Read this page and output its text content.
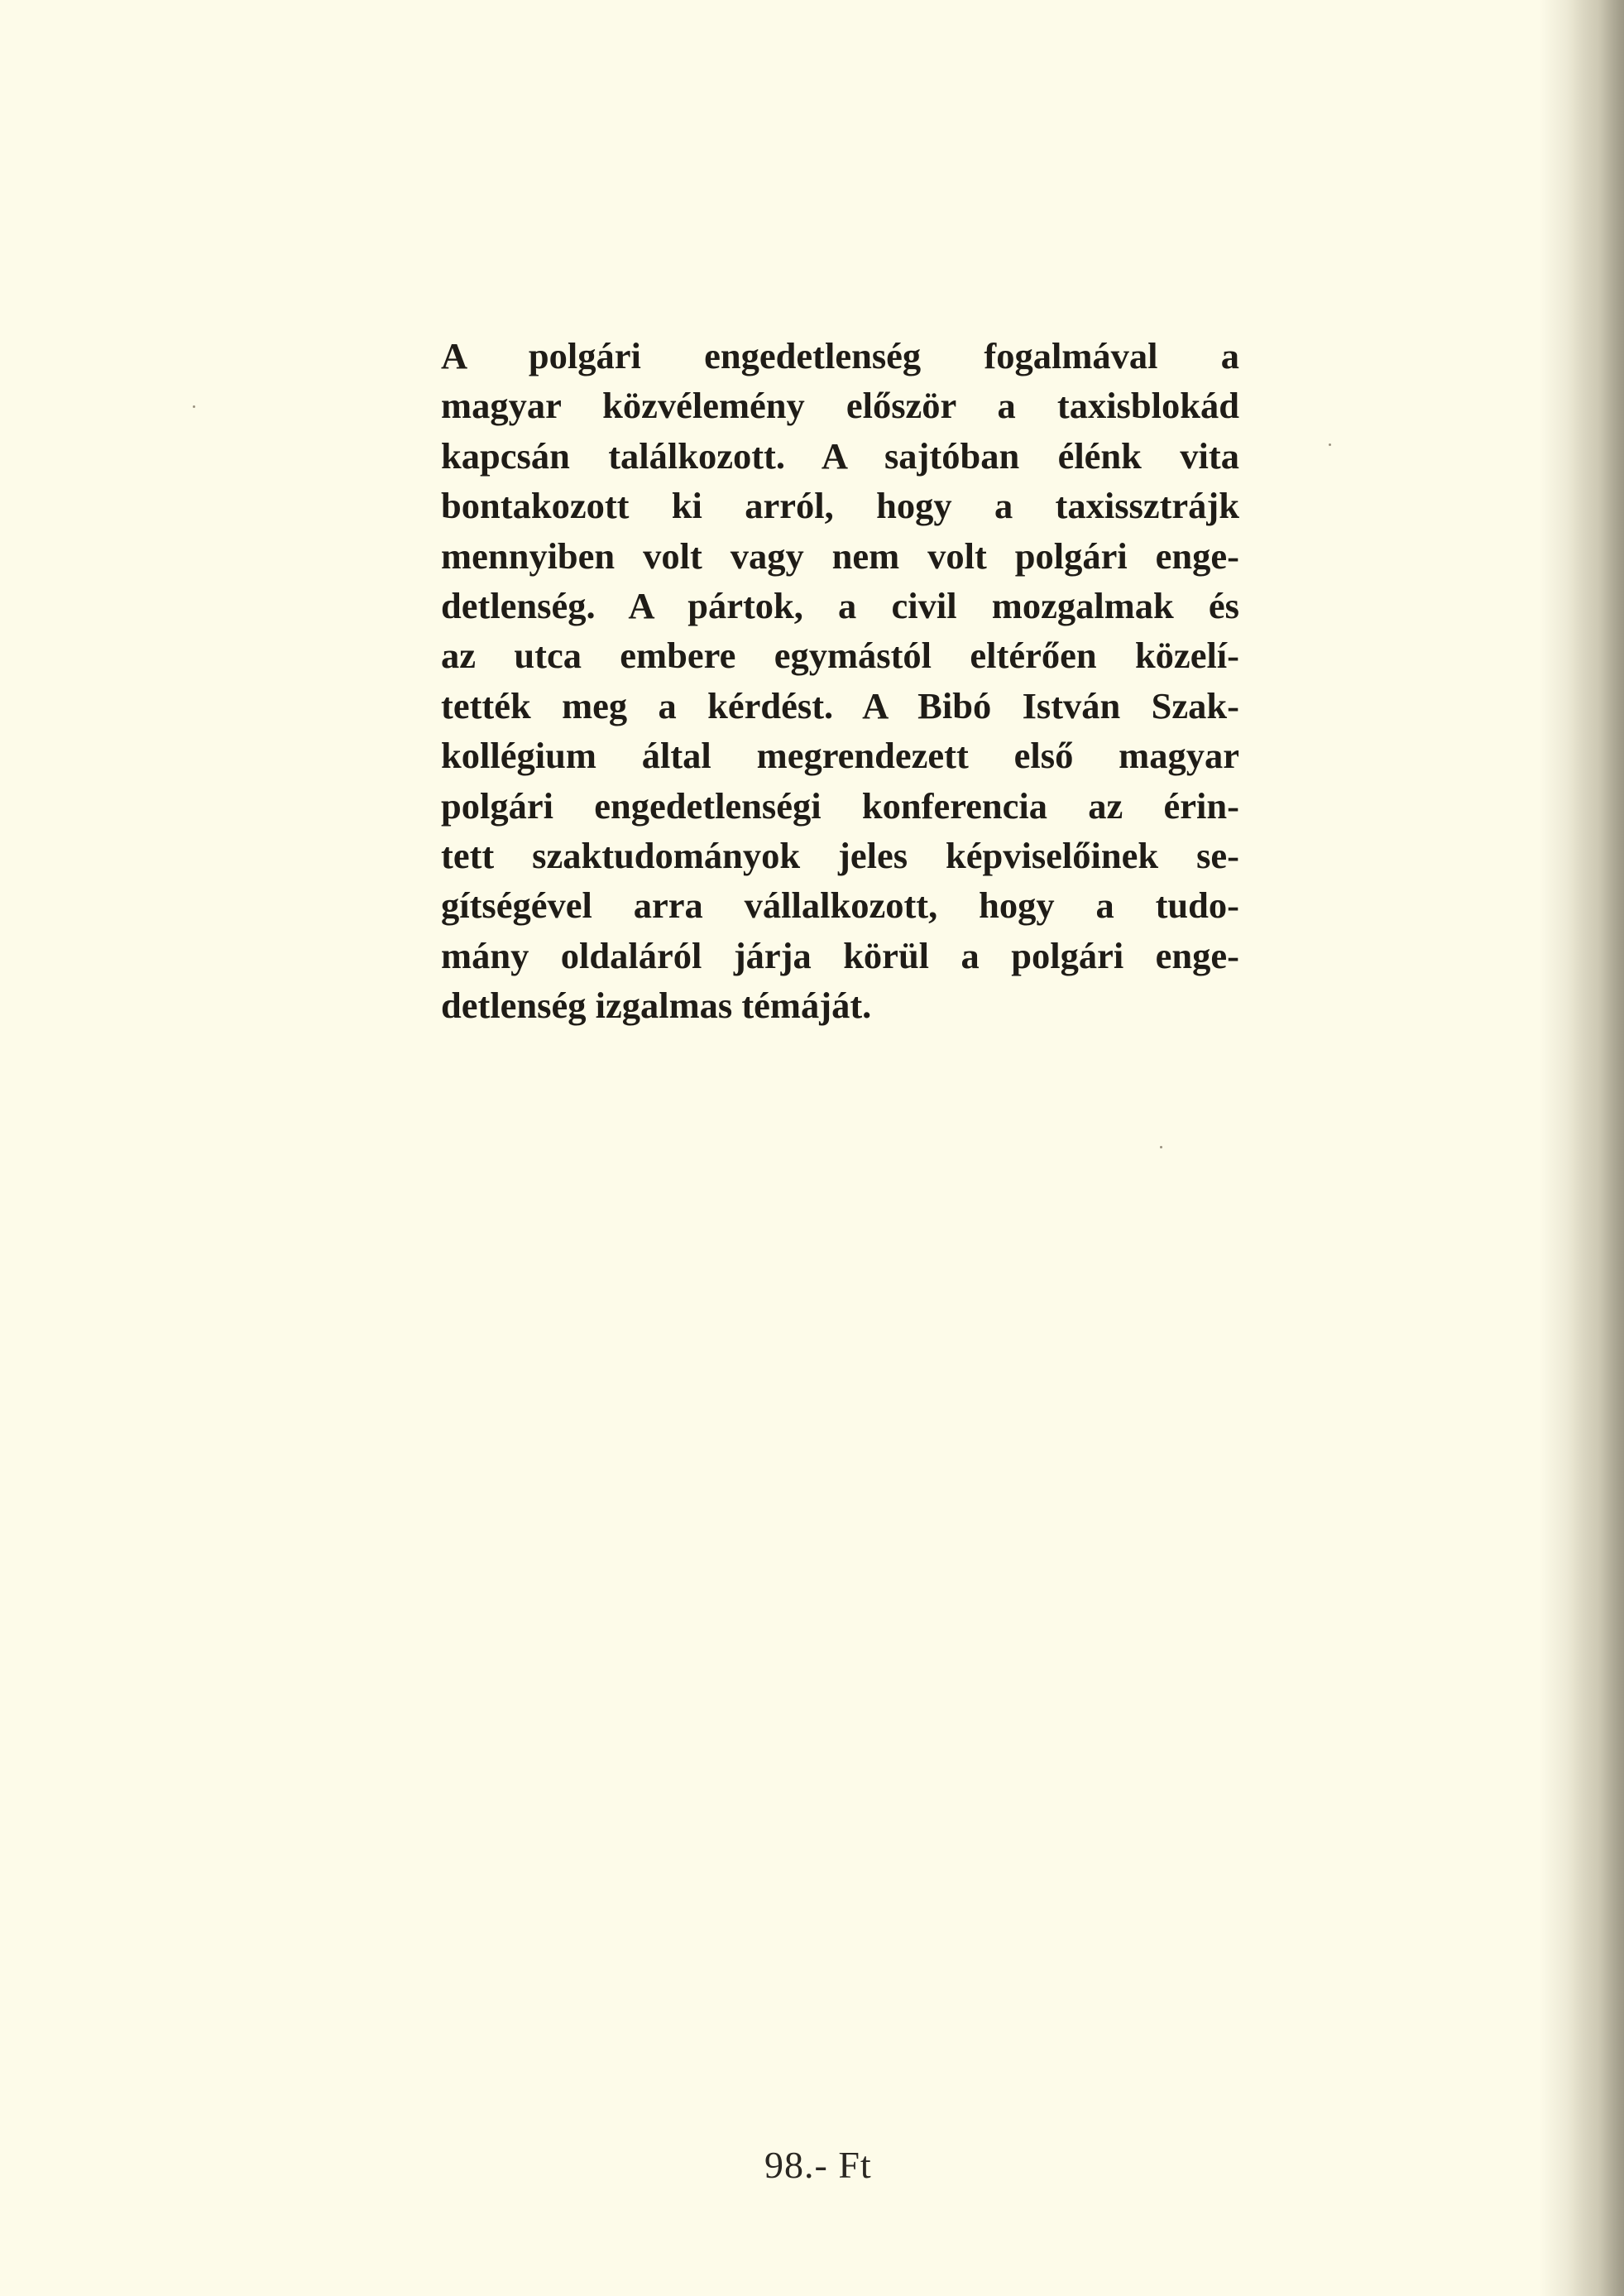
A polgári engedetlenség fogalmával a
magyar közvélemény először a taxisblokád
kapcsán találkozott. A sajtóban élénk vita
bontakozott ki arról, hogy a taxissztrájk
mennyiben volt vagy nem volt polgári enge-
detlenség. A pártok, a civil mozgalmak és
az utca embere egymástól eltérően közelí-
tették meg a kérdést. A Bibó István Szak-
kollégium által megrendezett első magyar
polgári engedetlenségi konferencia az érin-
tett szaktudományok jeles képviselőinek se-
gítségével arra vállalkozott, hogy a tudo-
mány oldaláról járja körül a polgári enge-
detlenség izgalmas témáját.
98.- Ft
